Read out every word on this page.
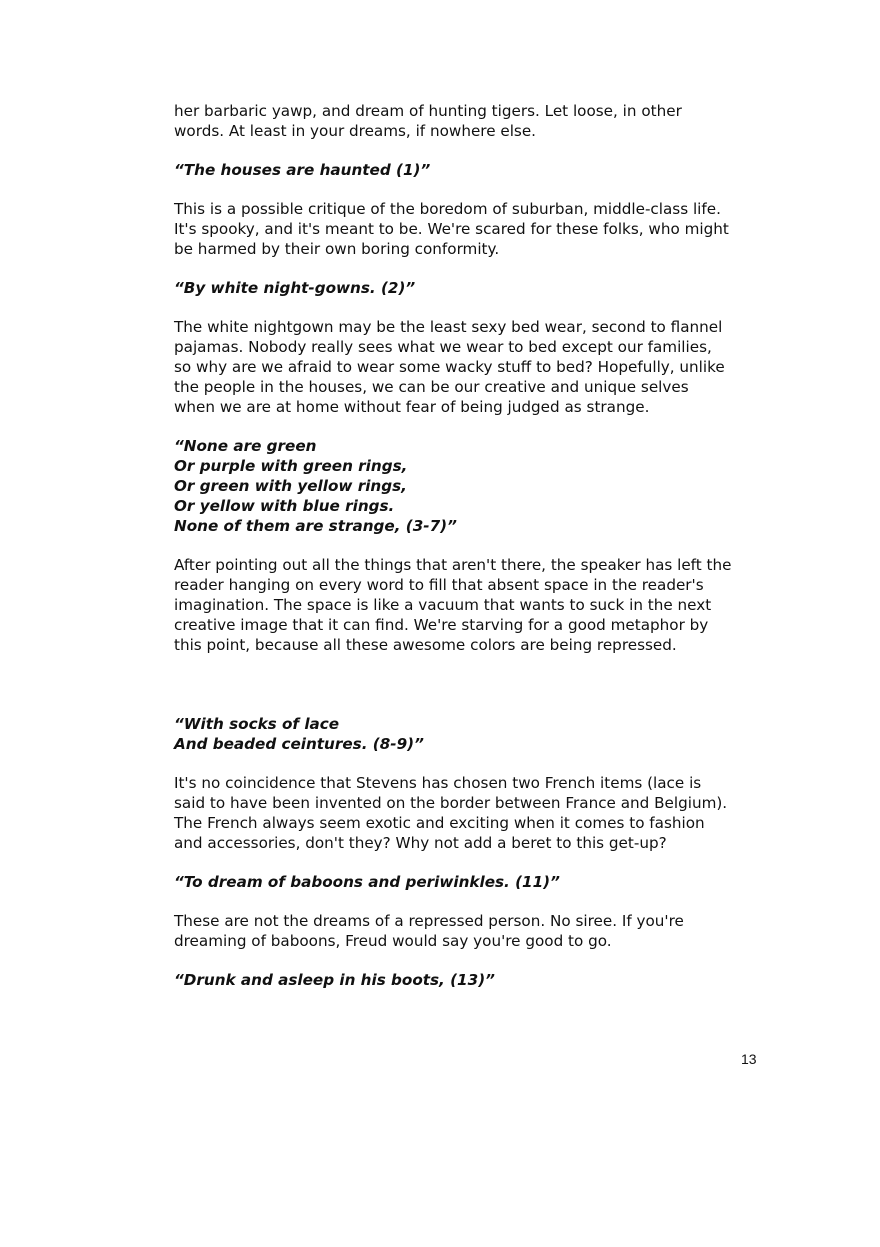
her barbaric yawp, and dream of hunting tigers. Let loose, in other
words. At least in your dreams, if nowhere else.

“The houses are haunted (1)”

This is a possible critique of the boredom of suburban, middle-class life.
It's spooky, and it's meant to be. We're scared for these folks, who might
be harmed by their own boring conformity.

“By white night-gowns. (2)”

The white nightgown may be the least sexy bed wear, second to flannel
pajamas. Nobody really sees what we wear to bed except our families,
so why are we afraid to wear some wacky stuff to bed? Hopefully, unlike
the people in the houses, we can be our creative and unique selves
when we are at home without fear of being judged as strange.

“None are green
Or purple with green rings,
Or green with yellow rings,
Or yellow with blue rings.
None of them are strange, (3-7)”

After pointing out all the things that aren't there, the speaker has left the
reader hanging on every word to fill that absent space in the reader's
imagination. The space is like a vacuum that wants to suck in the next
creative image that it can find. We're starving for a good metaphor by
this point, because all these awesome colors are being repressed.

“With socks of lace
And beaded ceintures. (8-9)”

It's no coincidence that Stevens has chosen two French items (lace is
said to have been invented on the border between France and Belgium).
The French always seem exotic and exciting when it comes to fashion
and accessories, don't they? Why not add a beret to this get-up?

“To dream of baboons and periwinkles. (11)”

These are not the dreams of a repressed person. No siree. If you're
dreaming of baboons, Freud would say you're good to go.

“Drunk and asleep in his boots, (13)”

13
